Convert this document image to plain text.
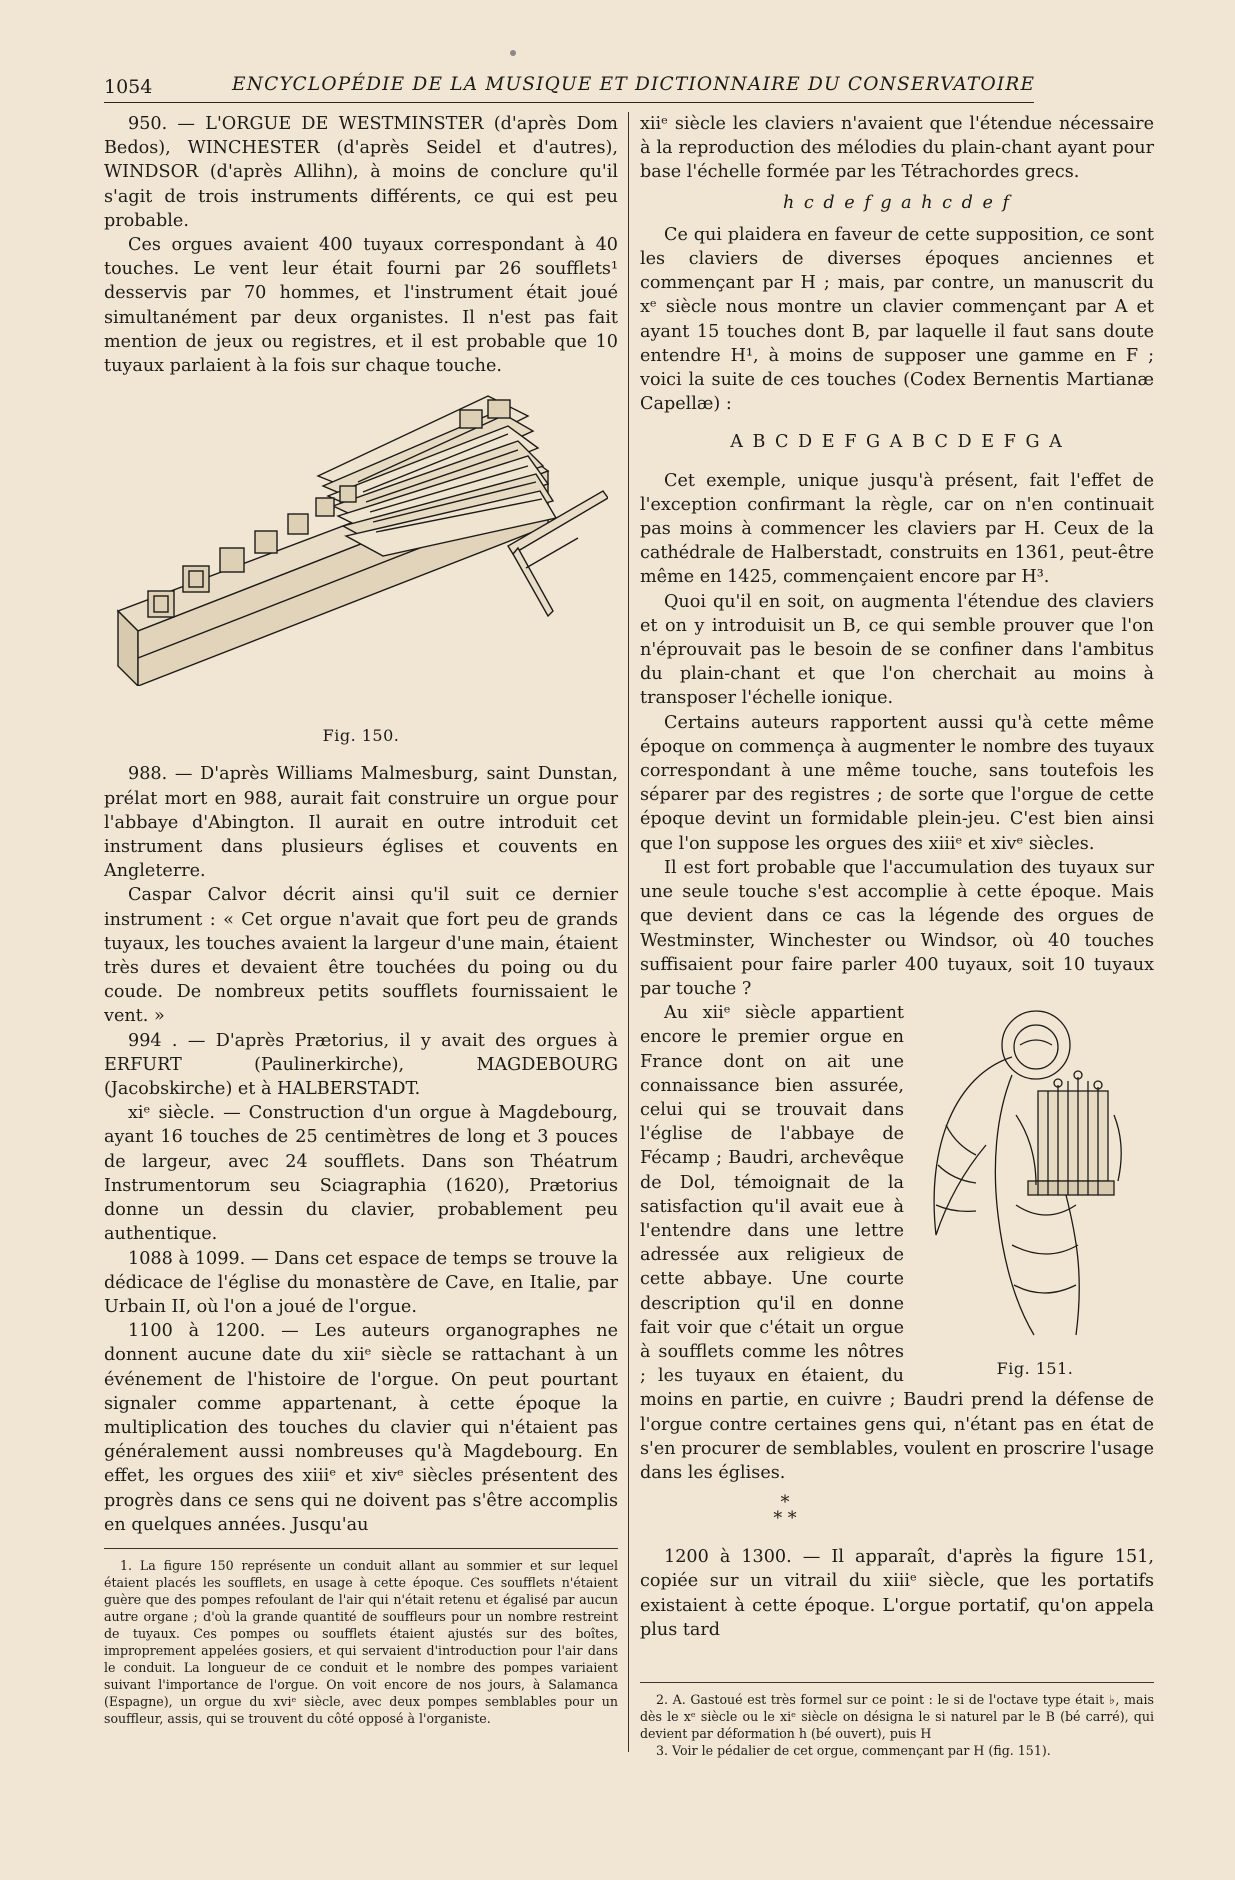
1054	ENCYCLOPÉDIE DE LA MUSIQUE ET DICTIONNAIRE DU CONSERVATOIRE

950. — L'ORGUE DE WESTMINSTER (d'après Dom Bedos), WINCHESTER (d'après Seidel et d'autres), WINDSOR (d'après Allihn), à moins de conclure qu'il s'agit de trois instruments différents, ce qui est peu probable.

Ces orgues avaient 400 tuyaux correspondant à 40 touches. Le vent leur était fourni par 26 soufflets¹ desservis par 70 hommes, et l'instrument était joué simultanément par deux organistes. Il n'est pas fait mention de jeux ou registres, et il est probable que 10 tuyaux parlaient à la fois sur chaque touche.

Fig. 150.

988. — D'après Williams Malmesburg, saint Dunstan, prélat mort en 988, aurait fait construire un orgue pour l'abbaye d'Abington. Il aurait en outre introduit cet instrument dans plusieurs églises et couvents en Angleterre.

Caspar Calvor décrit ainsi qu'il suit ce dernier instrument : « Cet orgue n'avait que fort peu de grands tuyaux, les touches avaient la largeur d'une main, étaient très dures et devaient être touchées du poing ou du coude. De nombreux petits soufflets fournissaient le vent. »

994 . — D'après Prætorius, il y avait des orgues à ERFURT (Paulinerkirche), MAGDEBOURG (Jacobskirche) et à HALBERSTADT.

xiᵉ siècle. — Construction d'un orgue à Magdebourg, ayant 16 touches de 25 centimètres de long et 3 pouces de largeur, avec 24 soufflets. Dans son Théatrum Instrumentorum seu Sciagraphia (1620), Prætorius donne un dessin du clavier, probablement peu authentique.

1088 à 1099. — Dans cet espace de temps se trouve la dédicace de l'église du monastère de Cave, en Italie, par Urbain II, où l'on a joué de l'orgue.

1100 à 1200. — Les auteurs organographes ne donnent aucune date du xiiᵉ siècle se rattachant à un événement de l'histoire de l'orgue. On peut pourtant signaler comme appartenant, à cette époque la multiplication des touches du clavier qui n'étaient pas généralement aussi nombreuses qu'à Magdebourg. En effet, les orgues des xiiiᵉ et xivᵉ siècles présentent des progrès dans ce sens qui ne doivent pas s'être accomplis en quelques années. Jusqu'au

1. La figure 150 représente un conduit allant au sommier et sur lequel étaient placés les soufflets, en usage à cette époque. Ces soufflets n'étaient guère que des pompes refoulant de l'air qui n'était retenu et égalisé par aucun autre organe ; d'où la grande quantité de souffleurs pour un nombre restreint de tuyaux. Ces pompes ou soufflets étaient ajustés sur des boîtes, improprement appelées gosiers, et qui servaient d'introduction pour l'air dans le conduit. La longueur de ce conduit et le nombre des pompes variaient suivant l'importance de l'orgue. On voit encore de nos jours, à Salamanca (Espagne), un orgue du xviᵉ siècle, avec deux pompes semblables pour un souffleur, assis, qui se trouvent du côté opposé à l'organiste.

xiiᵉ siècle les claviers n'avaient que l'étendue nécessaire à la reproduction des mélodies du plain-chant ayant pour base l'échelle formée par les Tétrachordes grecs.

h c d e f g a h c d e f

Ce qui plaidera en faveur de cette supposition, ce sont les claviers de diverses époques anciennes et commençant par H ; mais, par contre, un manuscrit du xᵉ siècle nous montre un clavier commençant par A et ayant 15 touches dont B, par laquelle il faut sans doute entendre H¹, à moins de supposer une gamme en F ; voici la suite de ces touches (Codex Bernentis Martianæ Capellæ) :

A B C D E F G A B C D E F G A

Cet exemple, unique jusqu'à présent, fait l'effet de l'exception confirmant la règle, car on n'en continuait pas moins à commencer les claviers par H. Ceux de la cathédrale de Halberstadt, construits en 1361, peut-être même en 1425, commençaient encore par H³.

Quoi qu'il en soit, on augmenta l'étendue des claviers et on y introduisit un B, ce qui semble prouver que l'on n'éprouvait pas le besoin de se confiner dans l'ambitus du plain-chant et que l'on cherchait au moins à transposer l'échelle ionique.

Certains auteurs rapportent aussi qu'à cette même époque on commença à augmenter le nombre des tuyaux correspondant à une même touche, sans toutefois les séparer par des registres ; de sorte que l'orgue de cette époque devint un formidable plein-jeu. C'est bien ainsi que l'on suppose les orgues des xiiiᵉ et xivᵉ siècles.

Il est fort probable que l'accumulation des tuyaux sur une seule touche s'est accomplie à cette époque. Mais que devient dans ce cas la légende des orgues de Westminster, Winchester ou Windsor, où 40 touches suffisaient pour faire parler 400 tuyaux, soit 10 tuyaux par touche ?

Fig. 151.

Au xiiᵉ siècle appartient encore le premier orgue en France dont on ait une connaissance bien assurée, celui qui se trouvait dans l'église de l'abbaye de Fécamp ; Baudri, archevêque de Dol, témoignait de la satisfaction qu'il avait eue à l'entendre dans une lettre adressée aux religieux de cette abbaye. Une courte description qu'il en donne fait voir que c'était un orgue à soufflets comme les nôtres ; les tuyaux en étaient, du moins en partie, en cuivre ; Baudri prend la défense de l'orgue contre certaines gens qui, n'étant pas en état de s'en procurer de semblables, voulent en proscrire l'usage dans les églises.

*
* *

1200 à 1300. — Il apparaît, d'après la figure 151, copiée sur un vitrail du xiiiᵉ siècle, que les portatifs existaient à cette époque. L'orgue portatif, qu'on appela plus tard

2. A. Gastoué est très formel sur ce point : le si de l'octave type était ♭, mais dès le xᵉ siècle ou le xiᵉ siècle on désigna le si naturel par le B (bé carré), qui devient par déformation h (bé ouvert), puis H

3. Voir le pédalier de cet orgue, commençant par H (fig. 151).
